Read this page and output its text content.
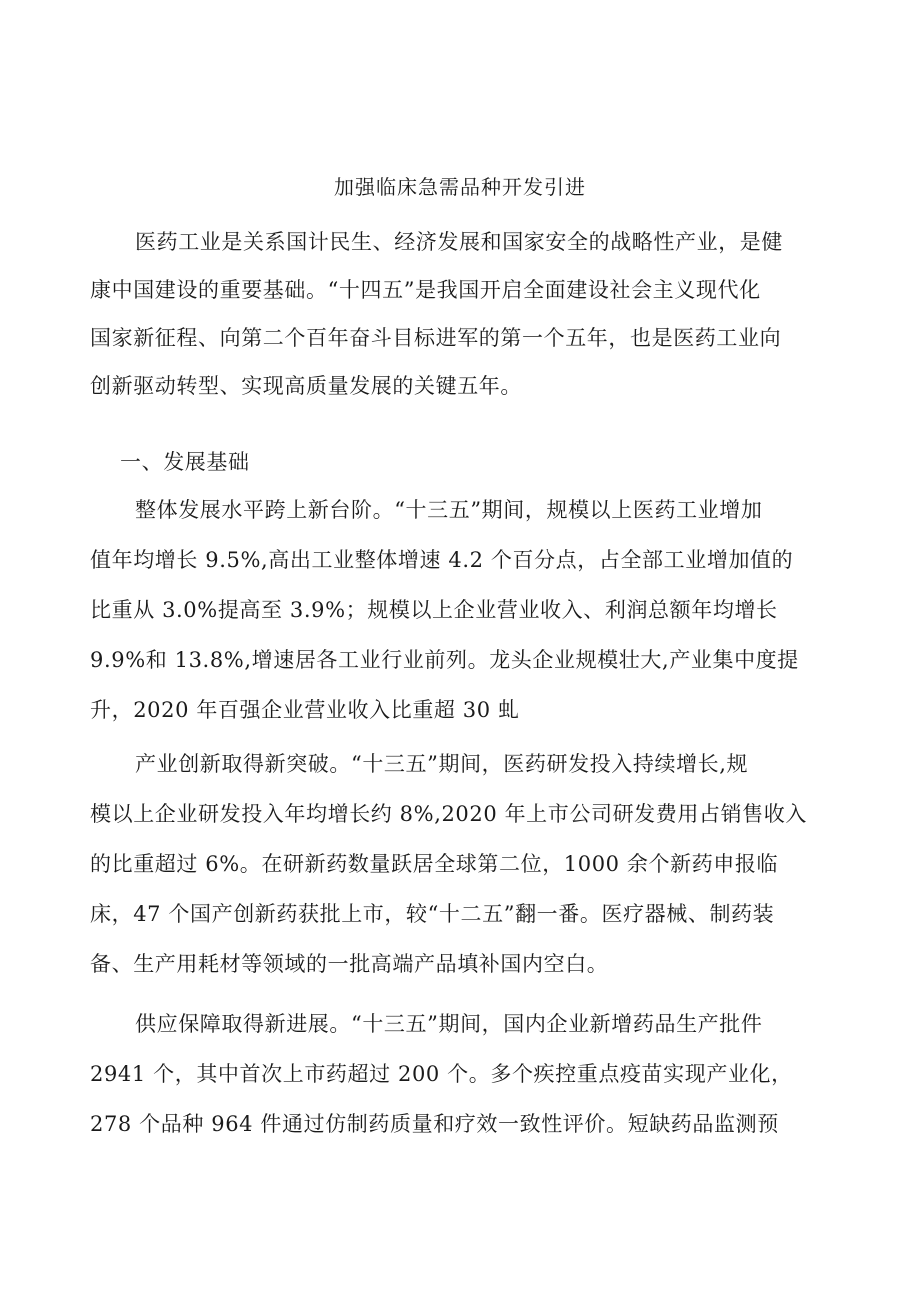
加强临床急需品种开发引进
医药工业是关系国计民生、经济发展和国家安全的战略性产业，是健
康中国建设的重要基础。“十四五”是我国开启全面建设社会主义现代化
国家新征程、向第二个百年奋斗目标进军的第一个五年，也是医药工业向
创新驱动转型、实现高质量发展的关键五年。
一、发展基础
整体发展水平跨上新台阶。“十三五”期间，规模以上医药工业增加
值年均增长 9.5%,高出工业整体增速 4.2 个百分点，占全部工业增加值的
比重从 3.0%提高至 3.9%；规模以上企业营业收入、利润总额年均增长
9.9%和 13.8%,增速居各工业行业前列。龙头企业规模壮大,产业集中度提
升，2020 年百强企业营业收入比重超 30 虬
产业创新取得新突破。“十三五”期间，医药研发投入持续增长,规
模以上企业研发投入年均增长约 8%,2020 年上市公司研发费用占销售收入
的比重超过 6%。在研新药数量跃居全球第二位，1000 余个新药申报临
床，47 个国产创新药获批上市，较“十二五”翻一番。医疗器械、制药装
备、生产用耗材等领域的一批高端产品填补国内空白。
供应保障取得新进展。“十三五”期间，国内企业新增药品生产批件
2941 个，其中首次上市药超过 200 个。多个疾控重点疫苗实现产业化，
278 个品种 964 件通过仿制药质量和疗效一致性评价。短缺药品监测预
